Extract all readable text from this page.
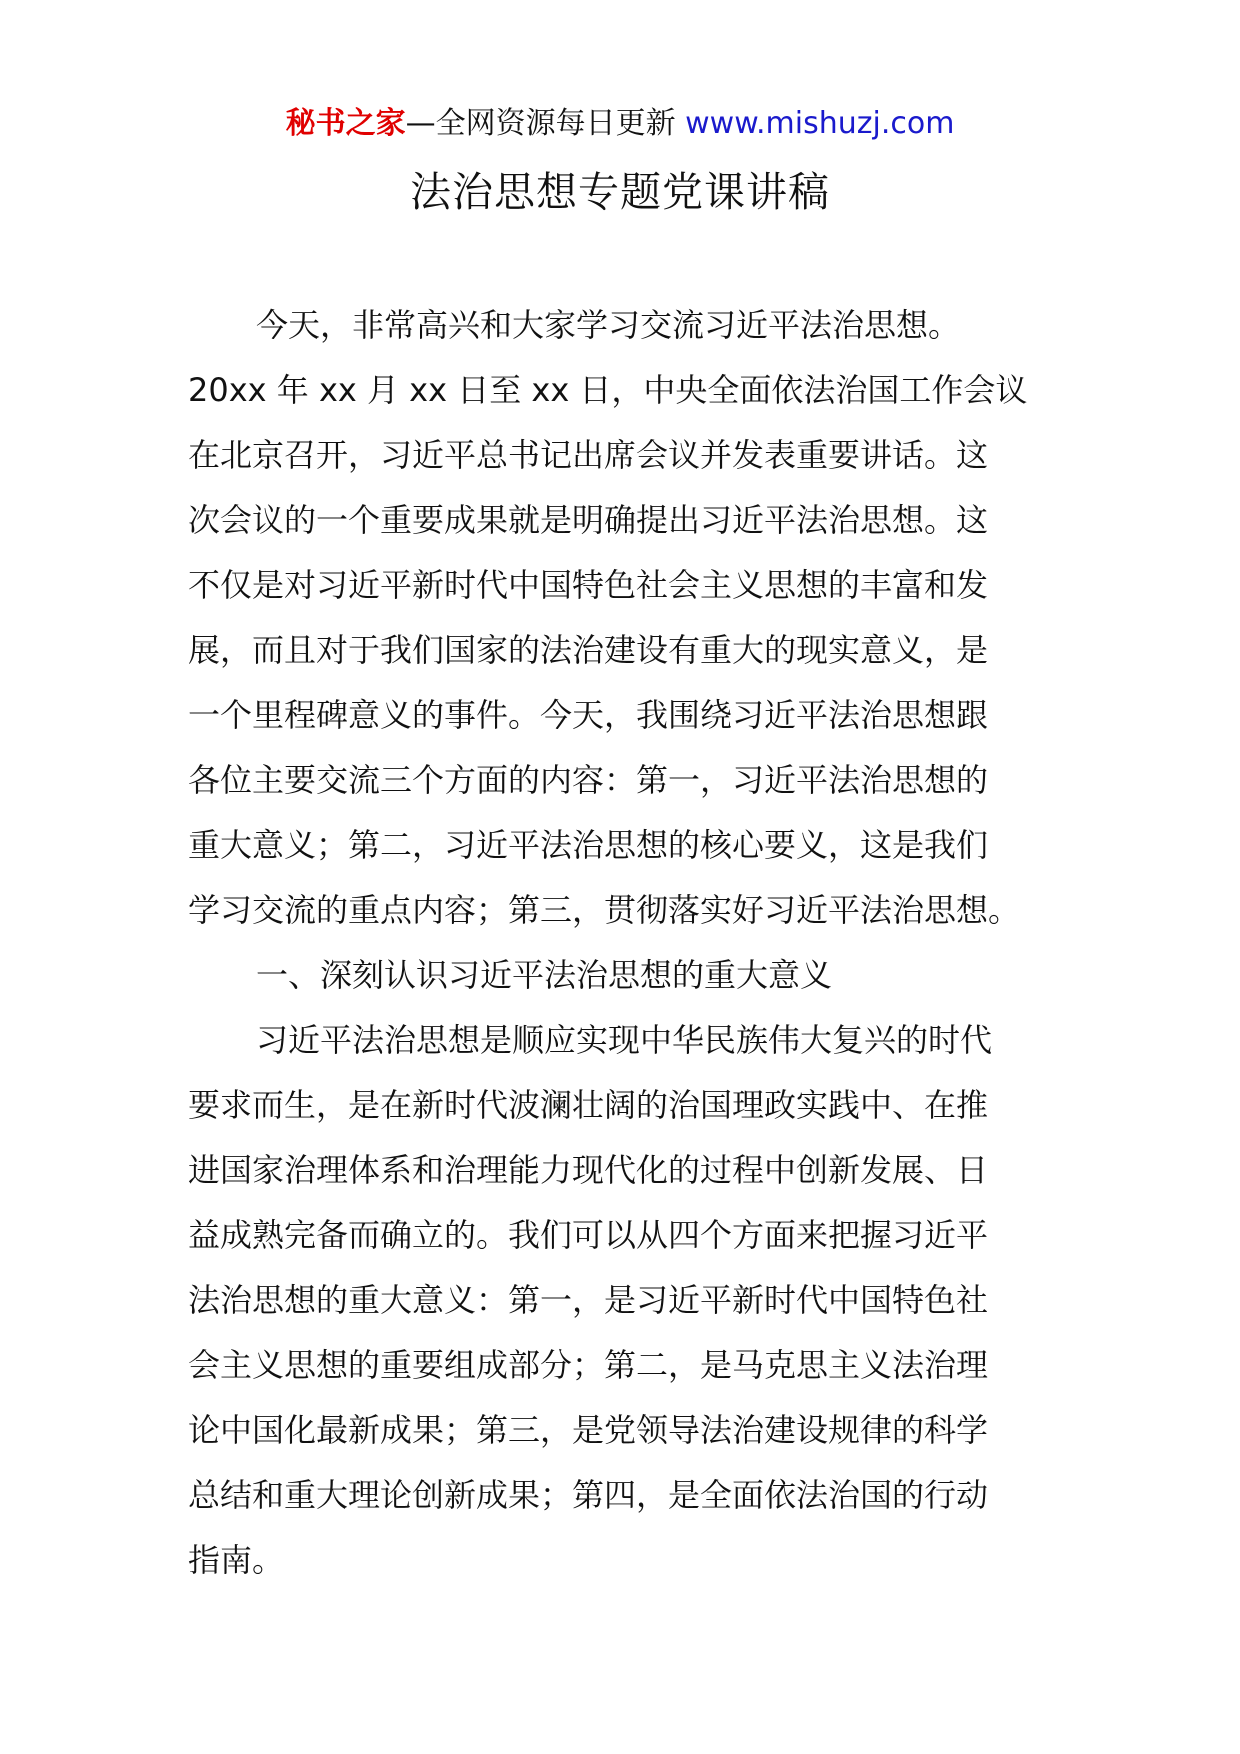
秘书之家—全网资源每日更新 www.mishuzj.com
法治思想专题党课讲稿

今天，非常高兴和大家学习交流习近平法治思想。

20xx 年 xx 月 xx 日至 xx 日，中央全面依法治国工作会议

在北京召开，习近平总书记出席会议并发表重要讲话。这

次会议的一个重要成果就是明确提出习近平法治思想。这

不仅是对习近平新时代中国特色社会主义思想的丰富和发

展，而且对于我们国家的法治建设有重大的现实意义，是

一个里程碑意义的事件。今天，我围绕习近平法治思想跟

各位主要交流三个方面的内容：第一，习近平法治思想的

重大意义；第二，习近平法治思想的核心要义，这是我们

学习交流的重点内容；第三，贯彻落实好习近平法治思想。

一、深刻认识习近平法治思想的重大意义

习近平法治思想是顺应实现中华民族伟大复兴的时代

要求而生，是在新时代波澜壮阔的治国理政实践中、在推

进国家治理体系和治理能力现代化的过程中创新发展、日

益成熟完备而确立的。我们可以从四个方面来把握习近平

法治思想的重大意义：第一，是习近平新时代中国特色社

会主义思想的重要组成部分；第二，是马克思主义法治理

论中国化最新成果；第三，是党领导法治建设规律的科学

总结和重大理论创新成果；第四，是全面依法治国的行动

指南。
